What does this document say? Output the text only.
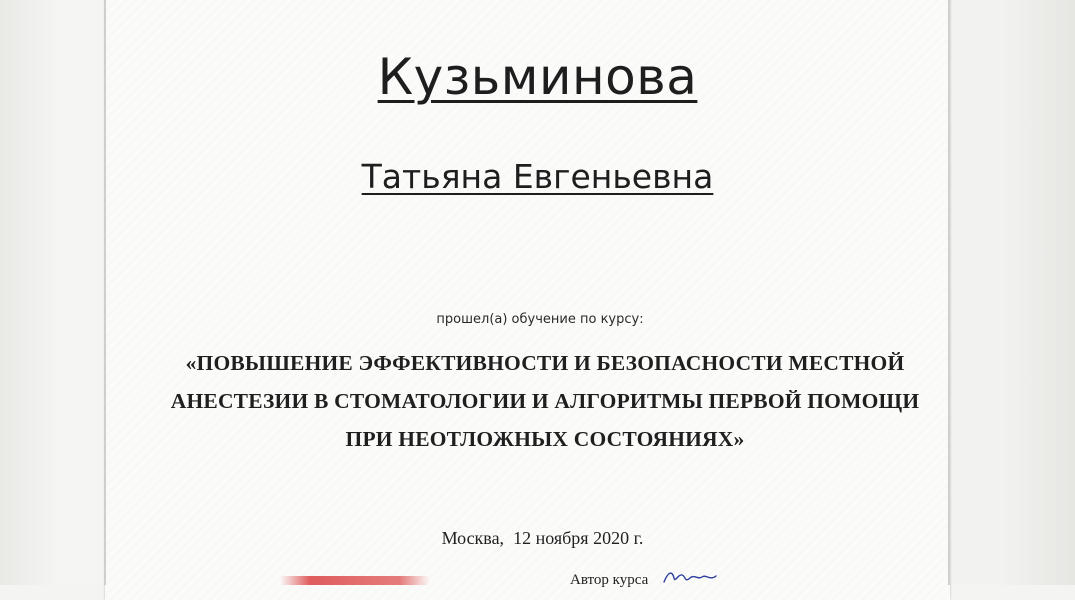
Кузьминова
Татьяна Евгеньевна
прошел(а) обучение по курсу:
«ПОВЫШЕНИЕ ЭФФЕКТИВНОСТИ И БЕЗОПАСНОСТИ МЕСТНОЙ
АНЕСТЕЗИИ В СТОМАТОЛОГИИ И АЛГОРИТМЫ ПЕРВОЙ ПОМОЩИ
ПРИ НЕОТЛОЖНЫХ СОСТОЯНИЯХ»
Москва, 12 ноября 2020 г.
Автор курса
